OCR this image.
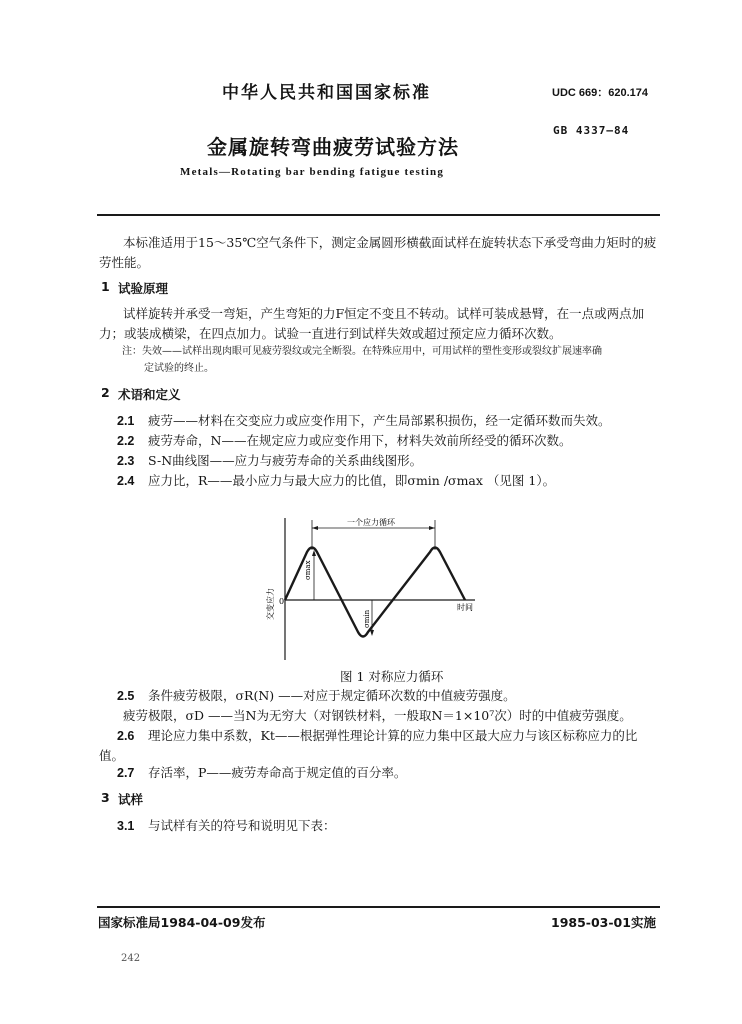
中华人民共和国国家标准	UDC 669：620.174
GB 4337—84
金属旋转弯曲疲劳试验方法
Metals—Rotating bar bending fatigue testing
本标准适用于15～35℃空气条件下，测定金属圆形横截面试样在旋转状态下承受弯曲力矩时的疲
劳性能。
1 试验原理
试样旋转并承受一弯矩，产生弯矩的力F恒定不变且不转动。试样可装成悬臂，在一点或两点加
力；或装成横梁，在四点加力。试验一直进行到试样失效或超过预定应力循环次数。
注：失效——试样出现肉眼可见疲劳裂纹或完全断裂。在特殊应用中，可用试样的塑性变形或裂纹扩展速率确
定试验的终止。
2 术语和定义
2.1 疲劳——材料在交变应力或应变作用下，产生局部累积损伤，经一定循环数而失效。
2.2 疲劳寿命，N——在规定应力或应变作用下，材料失效前所经受的循环次数。
2.3 S-N曲线图——应力与疲劳寿命的关系曲线图形。
2.4 应力比，R——最小应力与最大应力的比值，即σmin /σmax （见图 1）。
一个应力循环
σmax
σmin
交变应力 0
时间
图 1 对称应力循环
2.5 条件疲劳极限，σR(N) ——对应于规定循环次数的中值疲劳强度。
疲劳极限，σD ——当N为无穷大（对钢铁材料，一般取N＝1×10⁷次）时的中值疲劳强度。
2.6 理论应力集中系数，Kt——根据弹性理论计算的应力集中区最大应力与该区标称应力的比
值。
2.7 存活率，P——疲劳寿命高于规定值的百分率。
3 试样
3.1 与试样有关的符号和说明见下表：
国家标准局1984-04-09发布	1985-03-01实施
242
